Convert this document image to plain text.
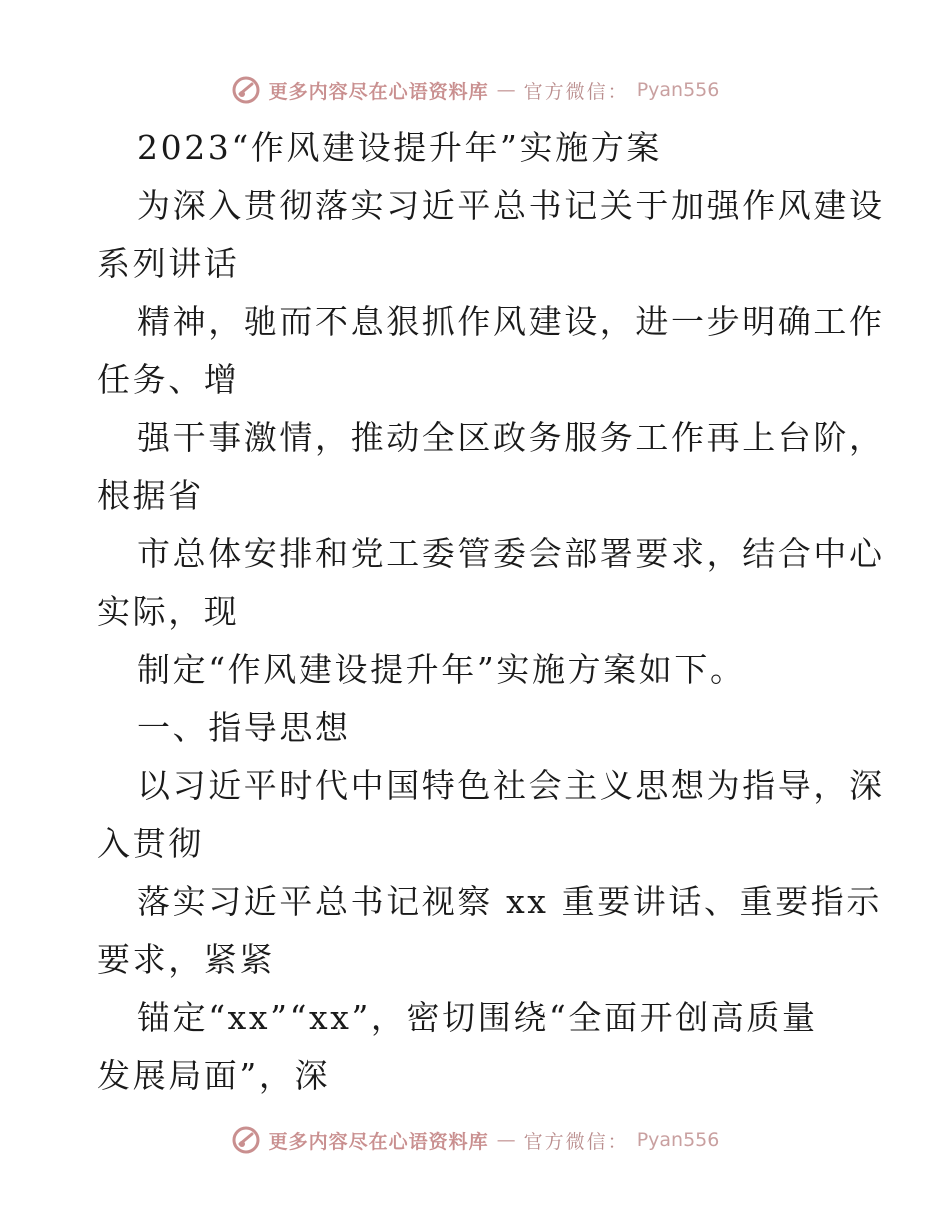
更多内容尽在心语资料库 — 官方微信： Pyan556
2023“作风建设提升年”实施方案
为深入贯彻落实习近平总书记关于加强作风建设
系列讲话
精神，驰而不息狠抓作风建设，进一步明确工作
任务、增
强干事激情，推动全区政务服务工作再上台阶，
根据省
市总体安排和党工委管委会部署要求，结合中心
实际，现
制定“作风建设提升年”实施方案如下。
一、指导思想
以习近平时代中国特色社会主义思想为指导，深
入贯彻
落实习近平总书记视察 xx 重要讲话、重要指示
要求，紧紧
锚定“xx”“xx”，密切围绕“全面开创高质量
发展局面”，深
更多内容尽在心语资料库 — 官方微信： Pyan556
